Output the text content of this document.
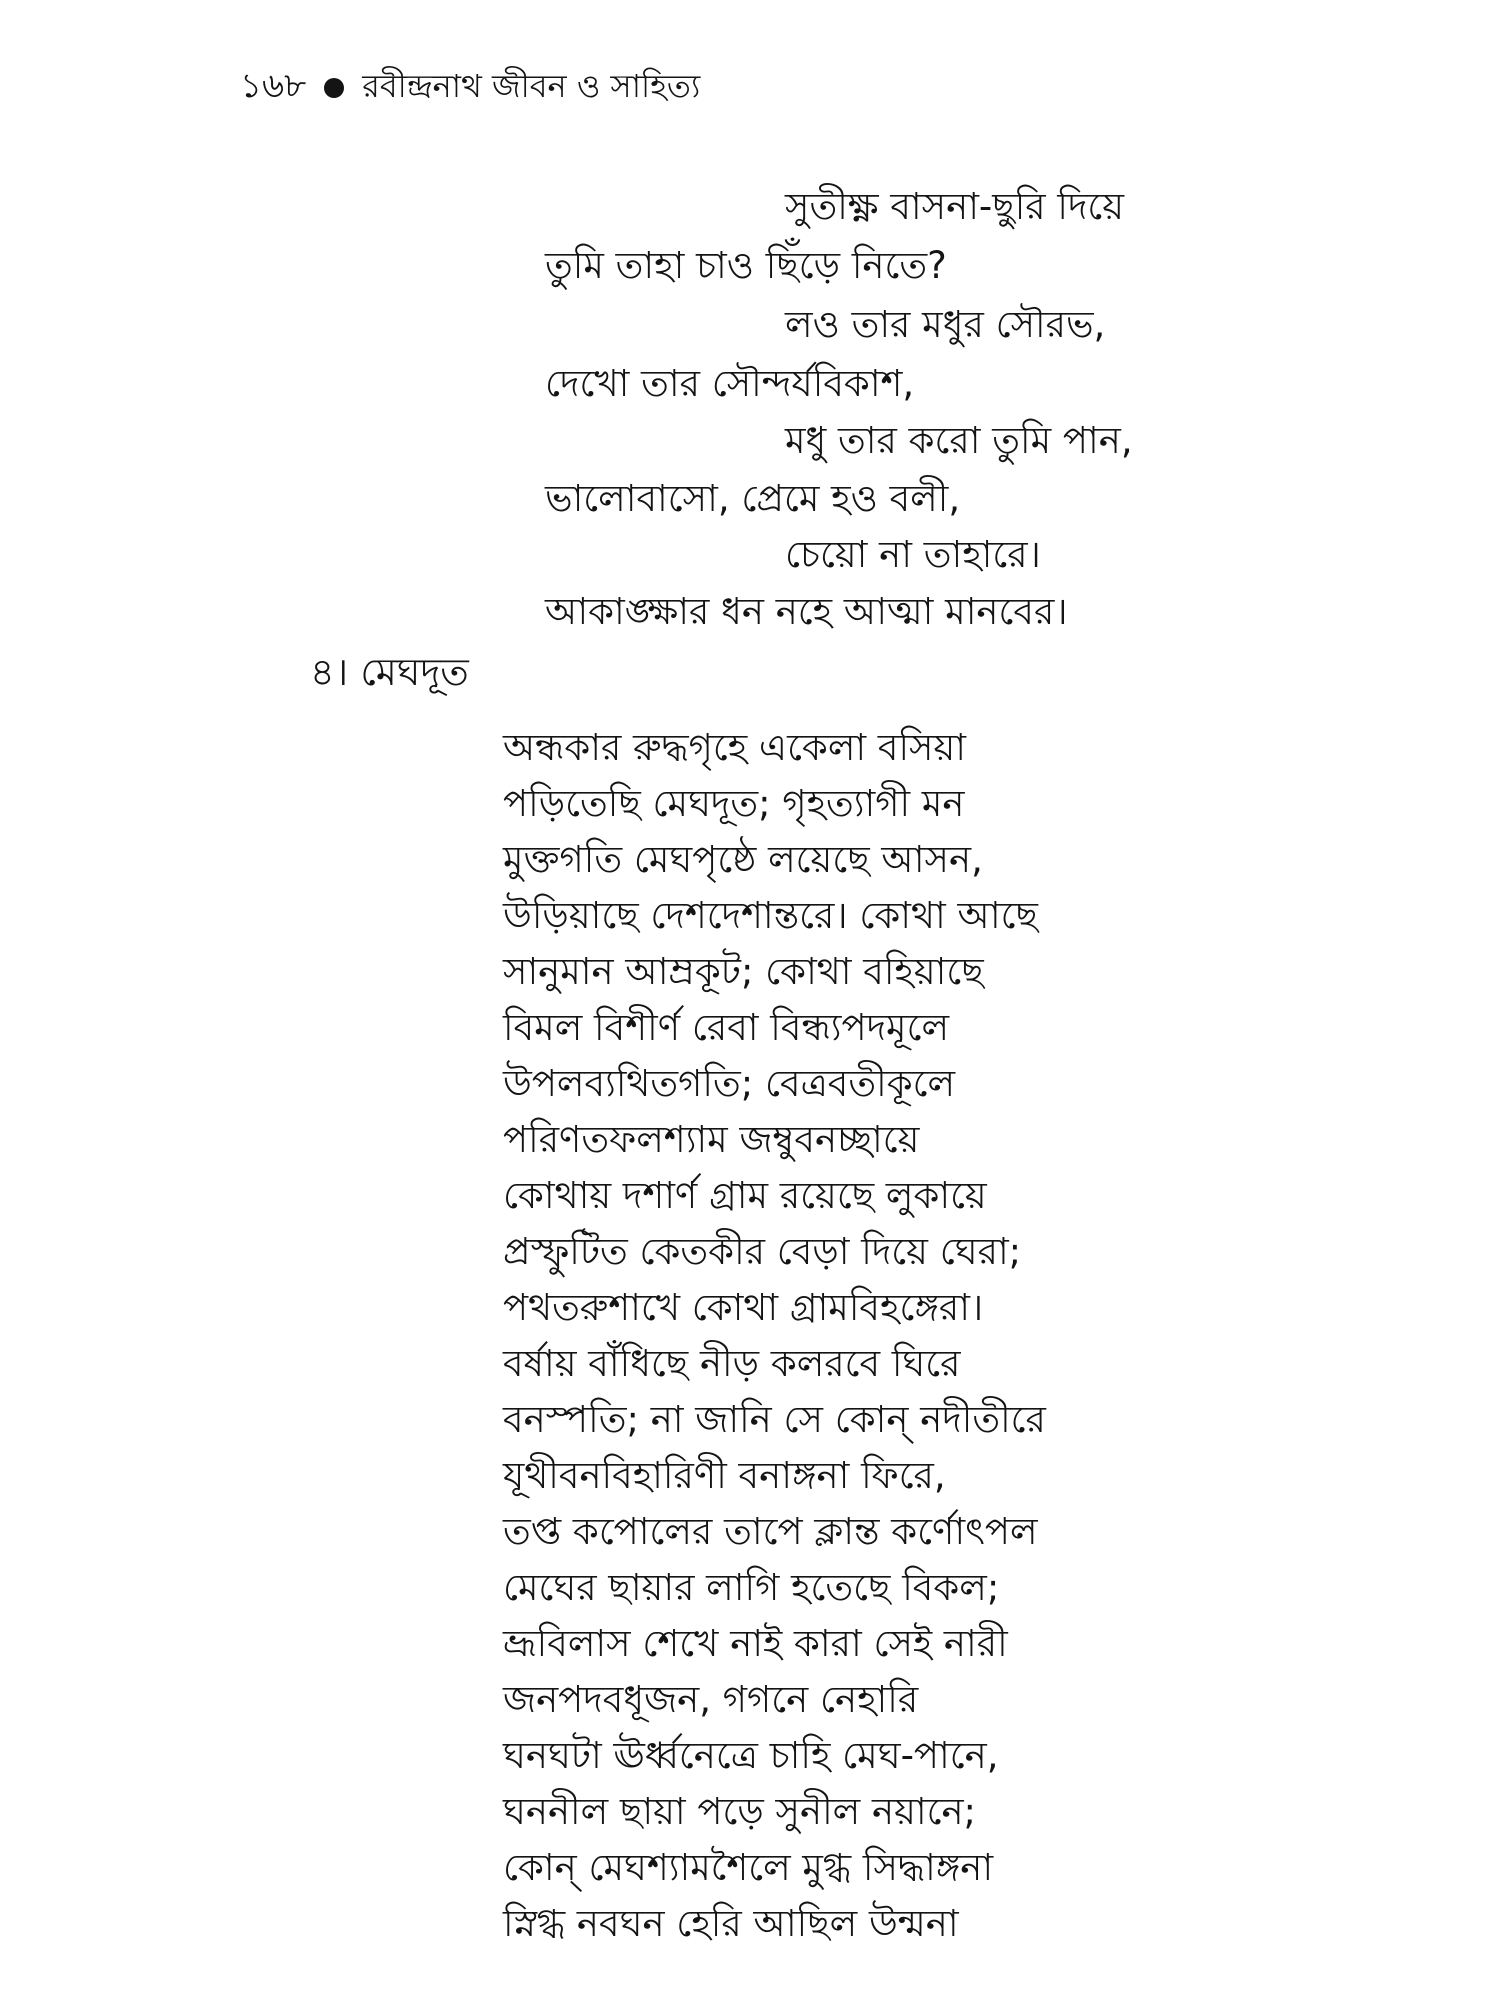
১৬৮ রবীন্দ্রনাথ জীবন ও সাহিত্য
সুতীক্ষ্ণ বাসনা-ছুরি দিয়ে
তুমি তাহা চাও ছিঁড়ে নিতে?
লও তার মধুর সৌরভ,
দেখো তার সৌন্দর্যবিকাশ,
মধু তার করো তুমি পান,
ভালোবাসো, প্রেমে হও বলী,
চেয়ো না তাহারে।
আকাঙ্ক্ষার ধন নহে আত্মা মানবের।
৪। মেঘদূত
অন্ধকার রুদ্ধগৃহে একেলা বসিয়া
পড়িতেছি মেঘদূত; গৃহত্যাগী মন
মুক্তগতি মেঘপৃষ্ঠে লয়েছে আসন,
উড়িয়াছে দেশদেশান্তরে। কোথা আছে
সানুমান আম্রকূট; কোথা বহিয়াছে
বিমল বিশীর্ণ রেবা বিন্ধ্যপদমূলে
উপলব্যথিতগতি; বেত্রবতীকূলে
পরিণতফলশ্যাম জম্বুবনচ্ছায়ে
কোথায় দশার্ণ গ্রাম রয়েছে লুকায়ে
প্রস্ফুটিত কেতকীর বেড়া দিয়ে ঘেরা;
পথতরুশাখে কোথা গ্রামবিহঙ্গেরা।
বর্ষায় বাঁধিছে নীড় কলরবে ঘিরে
বনস্পতি; না জানি সে কোন্ নদীতীরে
যূথীবনবিহারিণী বনাঙ্গনা ফিরে,
তপ্ত কপোলের তাপে ক্লান্ত কর্ণোৎপল
মেঘের ছায়ার লাগি হতেছে বিকল;
ভ্রূবিলাস শেখে নাই কারা সেই নারী
জনপদবধূজন, গগনে নেহারি
ঘনঘটা ঊর্ধ্বনেত্রে চাহি মেঘ-পানে,
ঘননীল ছায়া পড়ে সুনীল নয়ানে;
কোন্ মেঘশ্যামশৈলে মুগ্ধ সিদ্ধাঙ্গনা
স্নিগ্ধ নবঘন হেরি আছিল উন্মনা
